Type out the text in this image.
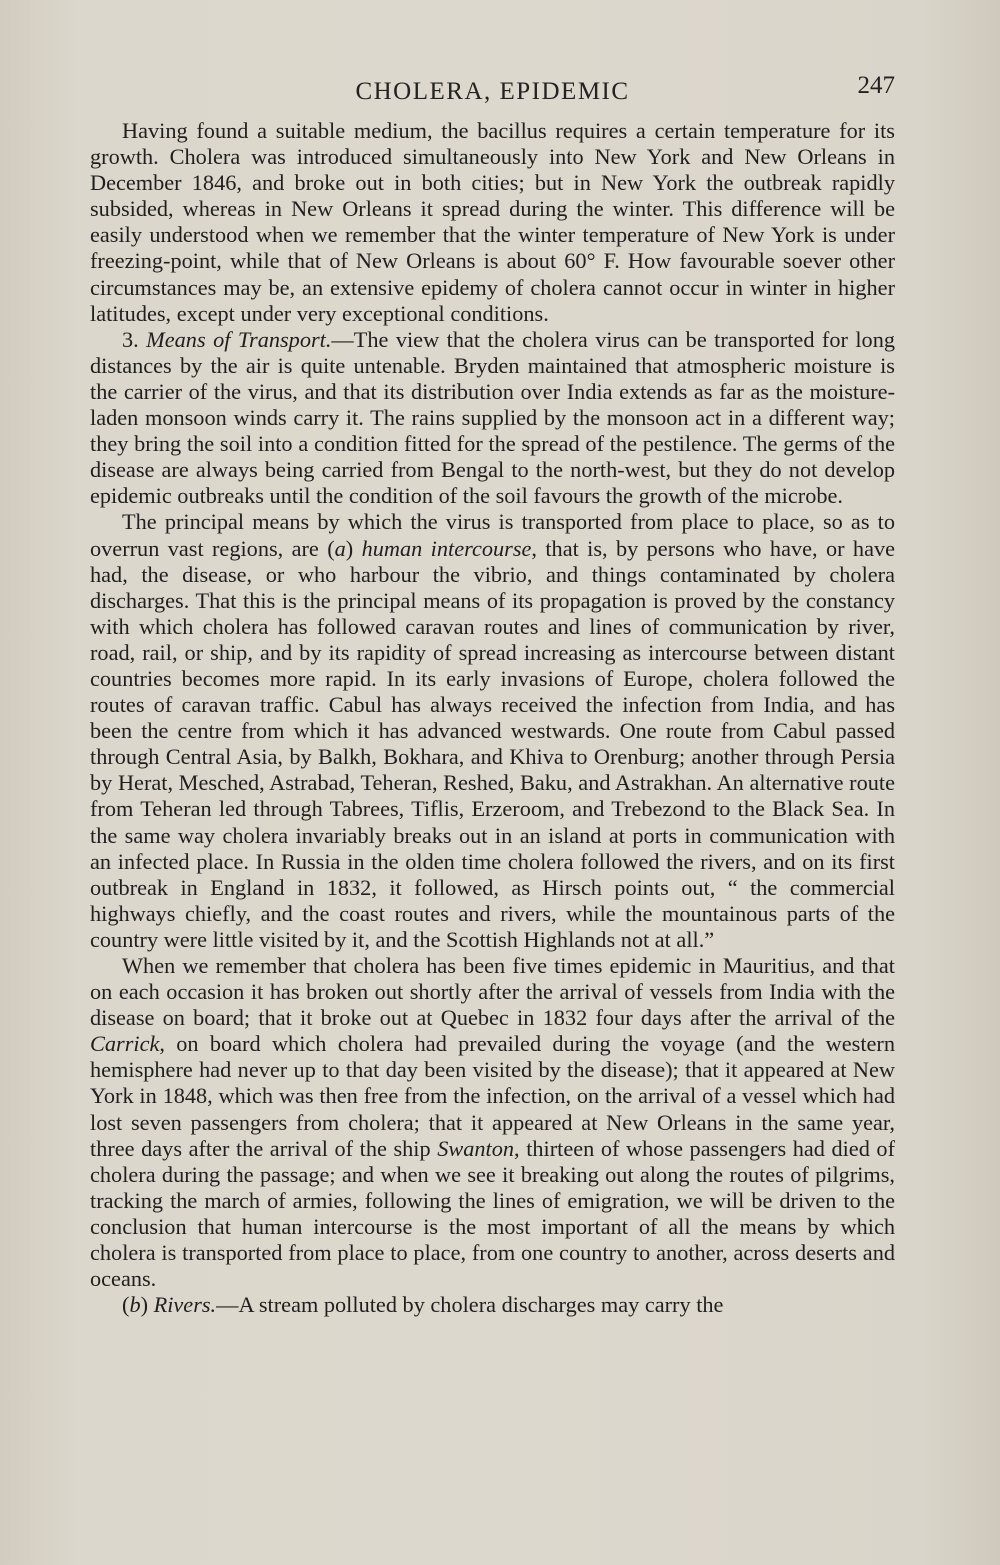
CHOLERA, EPIDEMIC	247

Having found a suitable medium, the bacillus requires a certain temperature for its growth. Cholera was introduced simultaneously into New York and New Orleans in December 1846, and broke out in both cities; but in New York the outbreak rapidly subsided, whereas in New Orleans it spread during the winter. This difference will be easily understood when we remember that the winter temperature of New York is under freezing-point, while that of New Orleans is about 60° F. How favourable soever other circumstances may be, an extensive epidemy of cholera cannot occur in winter in higher latitudes, except under very exceptional conditions.

3. Means of Transport.—The view that the cholera virus can be transported for long distances by the air is quite untenable. Bryden maintained that atmospheric moisture is the carrier of the virus, and that its distribution over India extends as far as the moisture-laden monsoon winds carry it. The rains supplied by the monsoon act in a different way; they bring the soil into a condition fitted for the spread of the pestilence. The germs of the disease are always being carried from Bengal to the north-west, but they do not develop epidemic outbreaks until the condition of the soil favours the growth of the microbe.

The principal means by which the virus is transported from place to place, so as to overrun vast regions, are (a) human intercourse, that is, by persons who have, or have had, the disease, or who harbour the vibrio, and things contaminated by cholera discharges. That this is the principal means of its propagation is proved by the constancy with which cholera has followed caravan routes and lines of communication by river, road, rail, or ship, and by its rapidity of spread increasing as intercourse between distant countries becomes more rapid. In its early invasions of Europe, cholera followed the routes of caravan traffic. Cabul has always received the infection from India, and has been the centre from which it has advanced westwards. One route from Cabul passed through Central Asia, by Balkh, Bokhara, and Khiva to Orenburg; another through Persia by Herat, Mesched, Astrabad, Teheran, Reshed, Baku, and Astrakhan. An alternative route from Teheran led through Tabrees, Tiflis, Erzeroom, and Trebezond to the Black Sea. In the same way cholera invariably breaks out in an island at ports in communication with an infected place. In Russia in the olden time cholera followed the rivers, and on its first outbreak in England in 1832, it followed, as Hirsch points out, “ the commercial highways chiefly, and the coast routes and rivers, while the mountainous parts of the country were little visited by it, and the Scottish Highlands not at all.”

When we remember that cholera has been five times epidemic in Mauritius, and that on each occasion it has broken out shortly after the arrival of vessels from India with the disease on board; that it broke out at Quebec in 1832 four days after the arrival of the Carrick, on board which cholera had prevailed during the voyage (and the western hemisphere had never up to that day been visited by the disease); that it appeared at New York in 1848, which was then free from the infection, on the arrival of a vessel which had lost seven passengers from cholera; that it appeared at New Orleans in the same year, three days after the arrival of the ship Swanton, thirteen of whose passengers had died of cholera during the passage; and when we see it breaking out along the routes of pilgrims, tracking the march of armies, following the lines of emigration, we will be driven to the conclusion that human intercourse is the most important of all the means by which cholera is transported from place to place, from one country to another, across deserts and oceans.

(b) Rivers.—A stream polluted by cholera discharges may carry the
